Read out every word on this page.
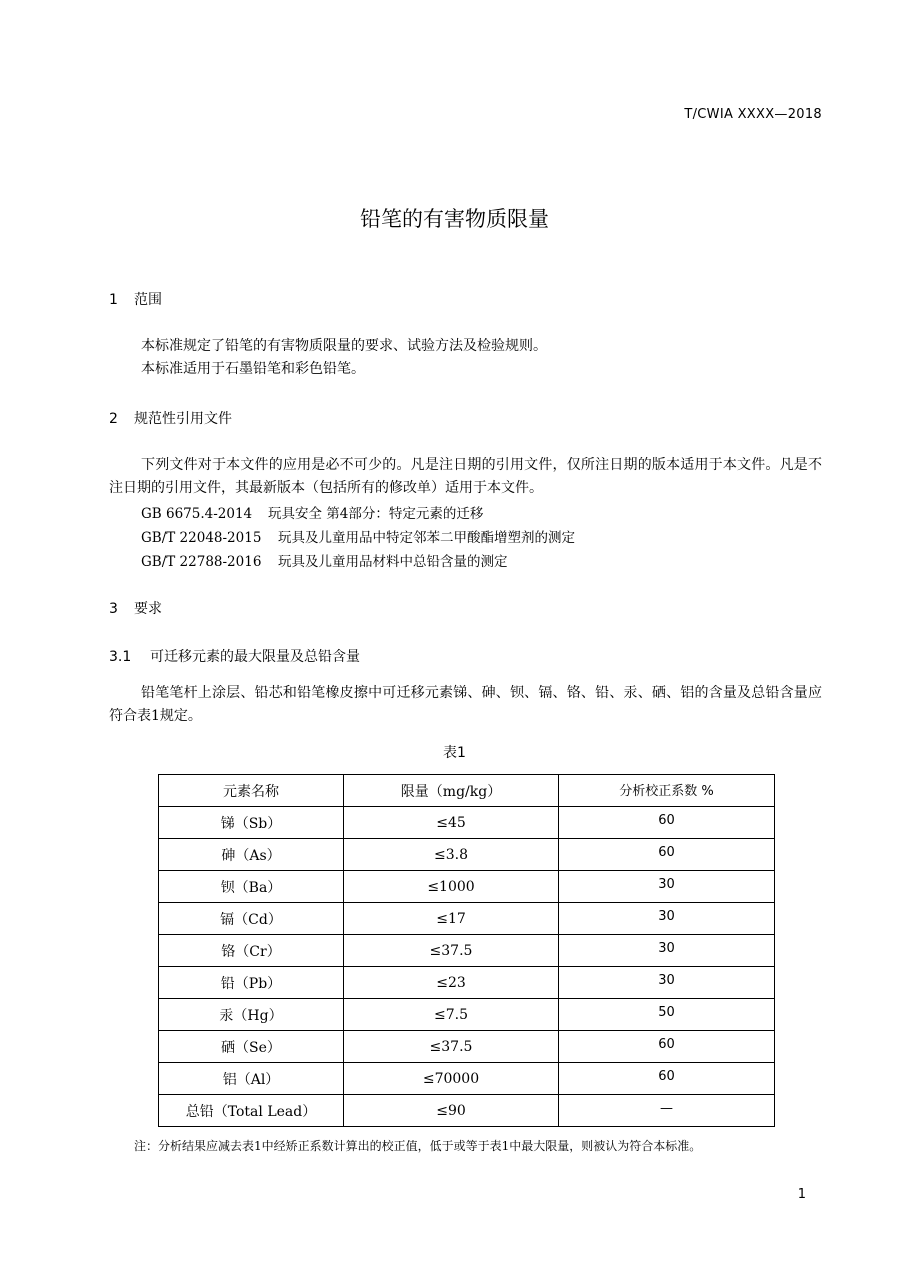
T/CWIA XXXX—2018
铅笔的有害物质限量
1 范围
本标准规定了铅笔的有害物质限量的要求、试验方法及检验规则。
本标准适用于石墨铅笔和彩色铅笔。
2 规范性引用文件
下列文件对于本文件的应用是必不可少的。凡是注日期的引用文件，仅所注日期的版本适用于本文件。凡是不注日期的引用文件，其最新版本（包括所有的修改单）适用于本文件。
GB 6675.4-2014 玩具安全 第4部分：特定元素的迁移
GB/T 22048-2015 玩具及儿童用品中特定邻苯二甲酸酯增塑剂的测定
GB/T 22788-2016 玩具及儿童用品材料中总铅含量的测定
3 要求
3.1 可迁移元素的最大限量及总铅含量
铅笔笔杆上涂层、铅芯和铅笔橡皮擦中可迁移元素锑、砷、钡、镉、铬、铅、汞、硒、铝的含量及总铅含量应符合表1规定。
表1
元素名称	限量（mg/kg）	分析校正系数 %
锑（Sb）	≤45	60
砷（As）	≤3.8	60
钡（Ba）	≤1000	30
镉（Cd）	≤17	30
铬（Cr）	≤37.5	30
铅（Pb）	≤23	30
汞（Hg）	≤7.5	50
硒（Se）	≤37.5	60
铝（Al）	≤70000	60
总铅（Total Lead）	≤90	—
注：分析结果应减去表1中经矫正系数计算出的校正值，低于或等于表1中最大限量，则被认为符合本标准。
1
